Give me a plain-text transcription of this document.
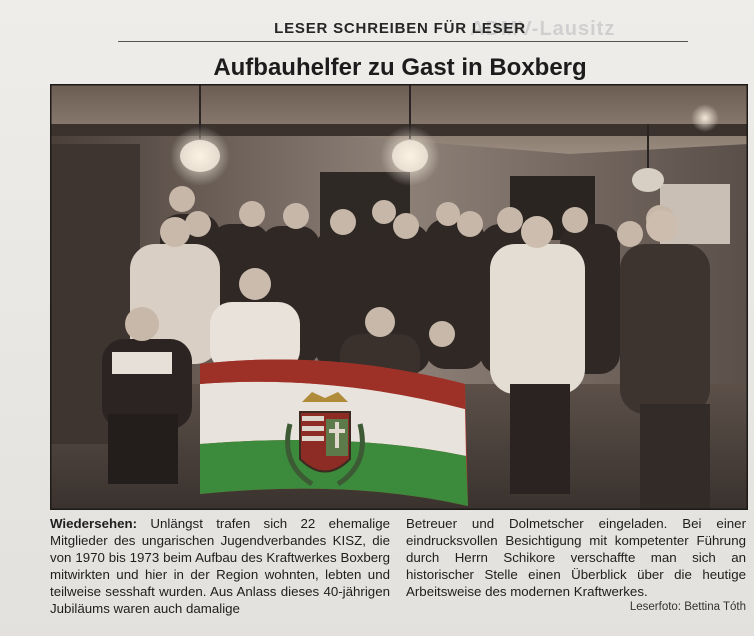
ADMV-Lausitz
LESER SCHREIBEN FÜR LESER
Aufbauhelfer zu Gast in Boxberg
Wiedersehen: Unlängst trafen sich 22 ehemalige Mitglieder des ungarischen Jugendverbandes KISZ, die von 1970 bis 1973 beim Aufbau des Kraftwerkes Boxberg mitwirkten und hier in der Region wohnten, lebten und teilweise sesshaft wurden. Aus Anlass dieses 40-jährigen Jubiläums waren auch damalige
Betreuer und Dolmetscher eingeladen. Bei einer eindrucksvollen Besichtigung mit kompetenter Führung durch Herrn Schikore verschaffte man sich an historischer Stelle einen Überblick über die heutige Arbeitsweise des modernen Kraftwerkes.
Leserfoto: Bettina Tóth
